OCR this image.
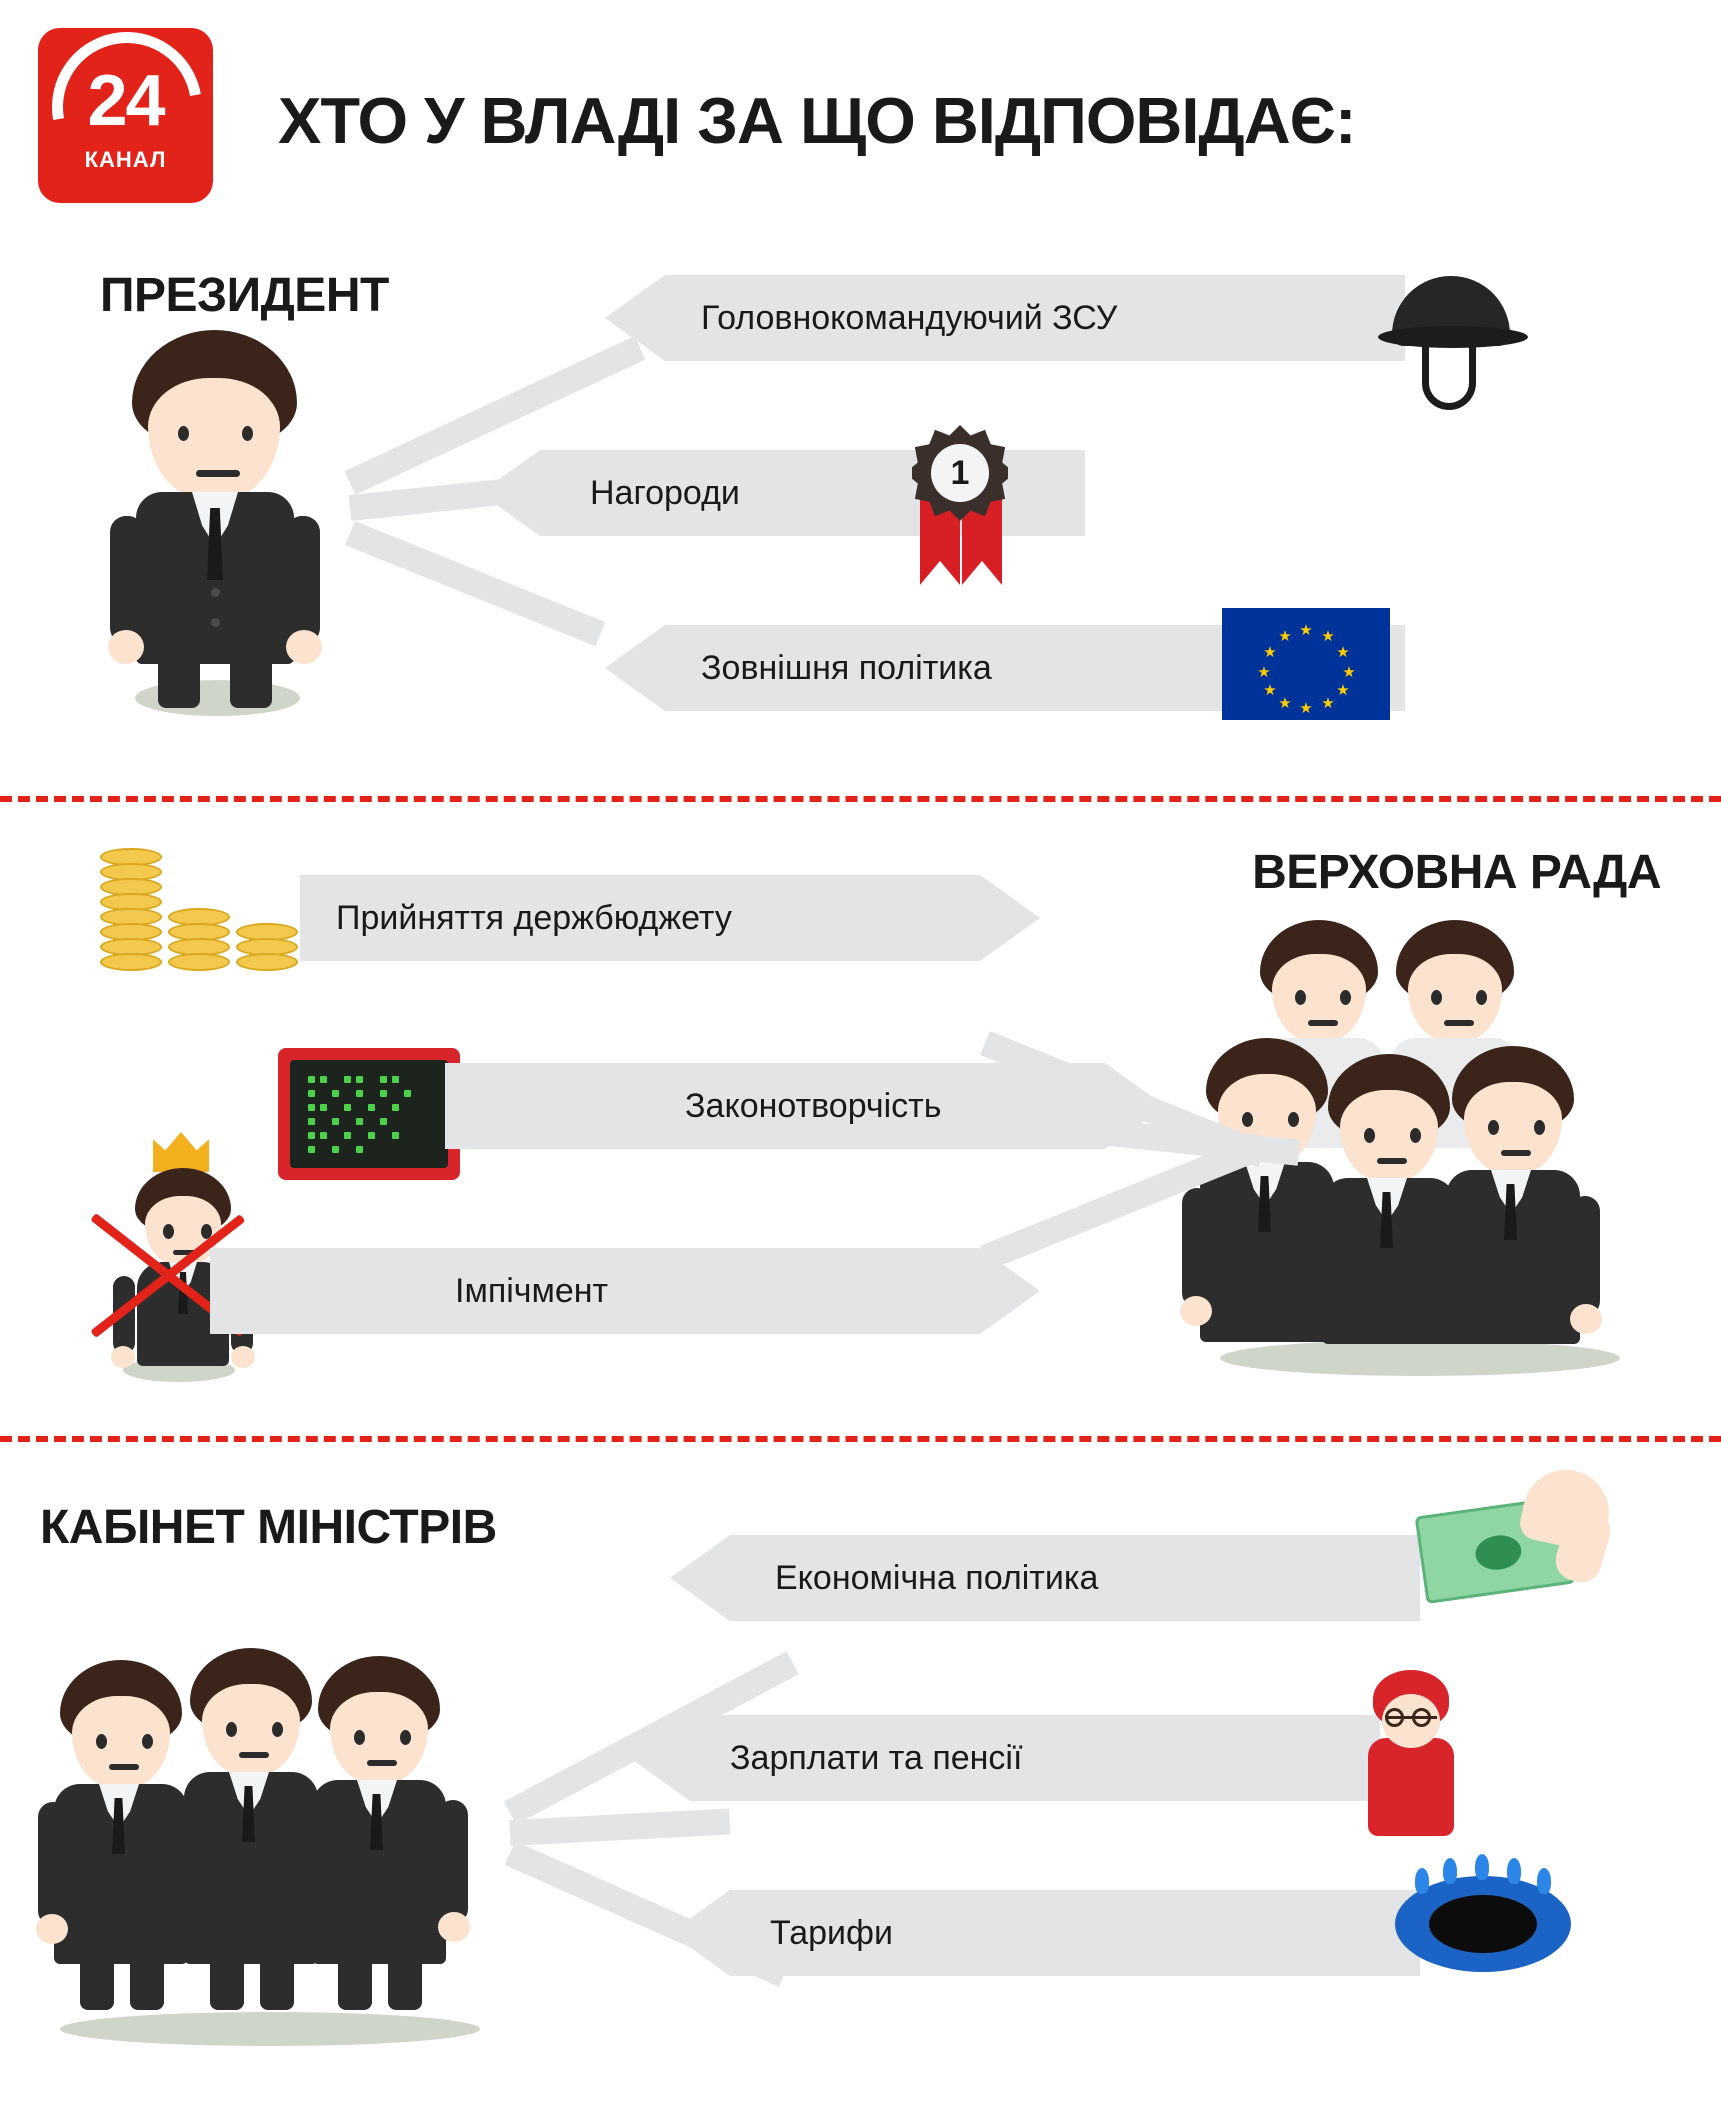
24
КАНАЛ
ХТО У ВЛАДІ ЗА ЩО ВІДПОВІДАЄ:
ПРЕЗИДЕНТ	Головнокомандуючий ЗСУ
Нагороди
1
Зовнішня політика
★ ★
★
★
★
★
★
★
★
★
★
★
ВЕРХОВНА РАДА
Прийняття держбюджету
Законотворчість
Імпічмент
КАБІНЕТ МІНІСТРІВ
Економічна політика
Зарплати та пенсії
Тарифи
